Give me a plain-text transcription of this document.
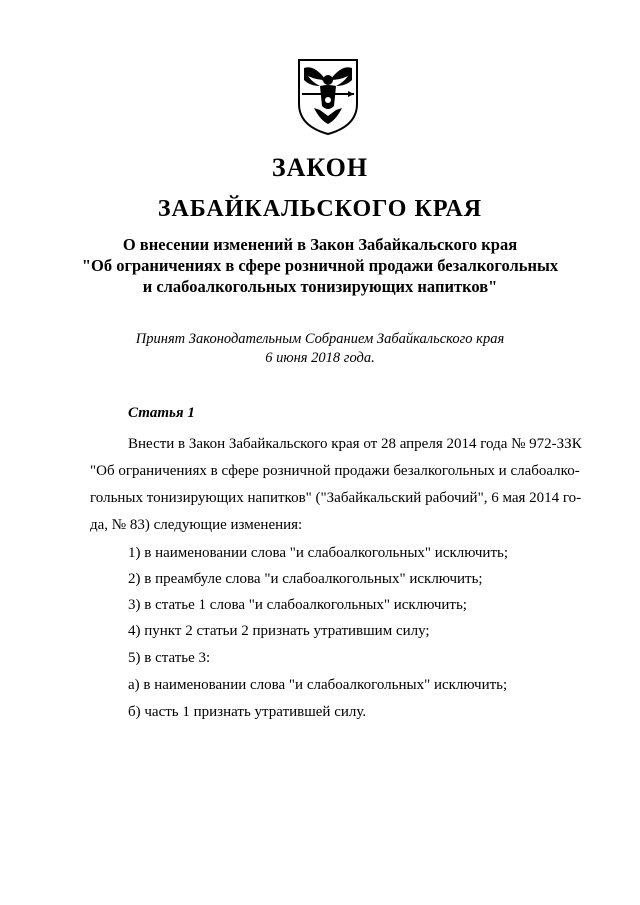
ЗАКОН
ЗАБАЙКАЛЬСКОГО КРАЯ
О внесении изменений в Закон Забайкальского края
"Об ограничениях в сфере розничной продажи безалкогольных
и слабоалкогольных тонизирующих напитков"
Принят Законодательным Собранием Забайкальского края
6 июня 2018 года.
Статья 1
Внести в Закон Забайкальского края от 28 апреля 2014 года № 972-ЗЗК
"Об ограничениях в сфере розничной продажи безалкогольных и слабоалко-
гольных тонизирующих напитков" ("Забайкальский рабочий", 6 мая 2014 го-
да, № 83) следующие изменения:
1) в наименовании слова "и слабоалкогольных" исключить;
2) в преамбуле слова "и слабоалкогольных" исключить;
3) в статье 1 слова "и слабоалкогольных" исключить;
4) пункт 2 статьи 2 признать утратившим силу;
5) в статье 3:
а) в наименовании слова "и слабоалкогольных" исключить;
б) часть 1 признать утратившей силу.
